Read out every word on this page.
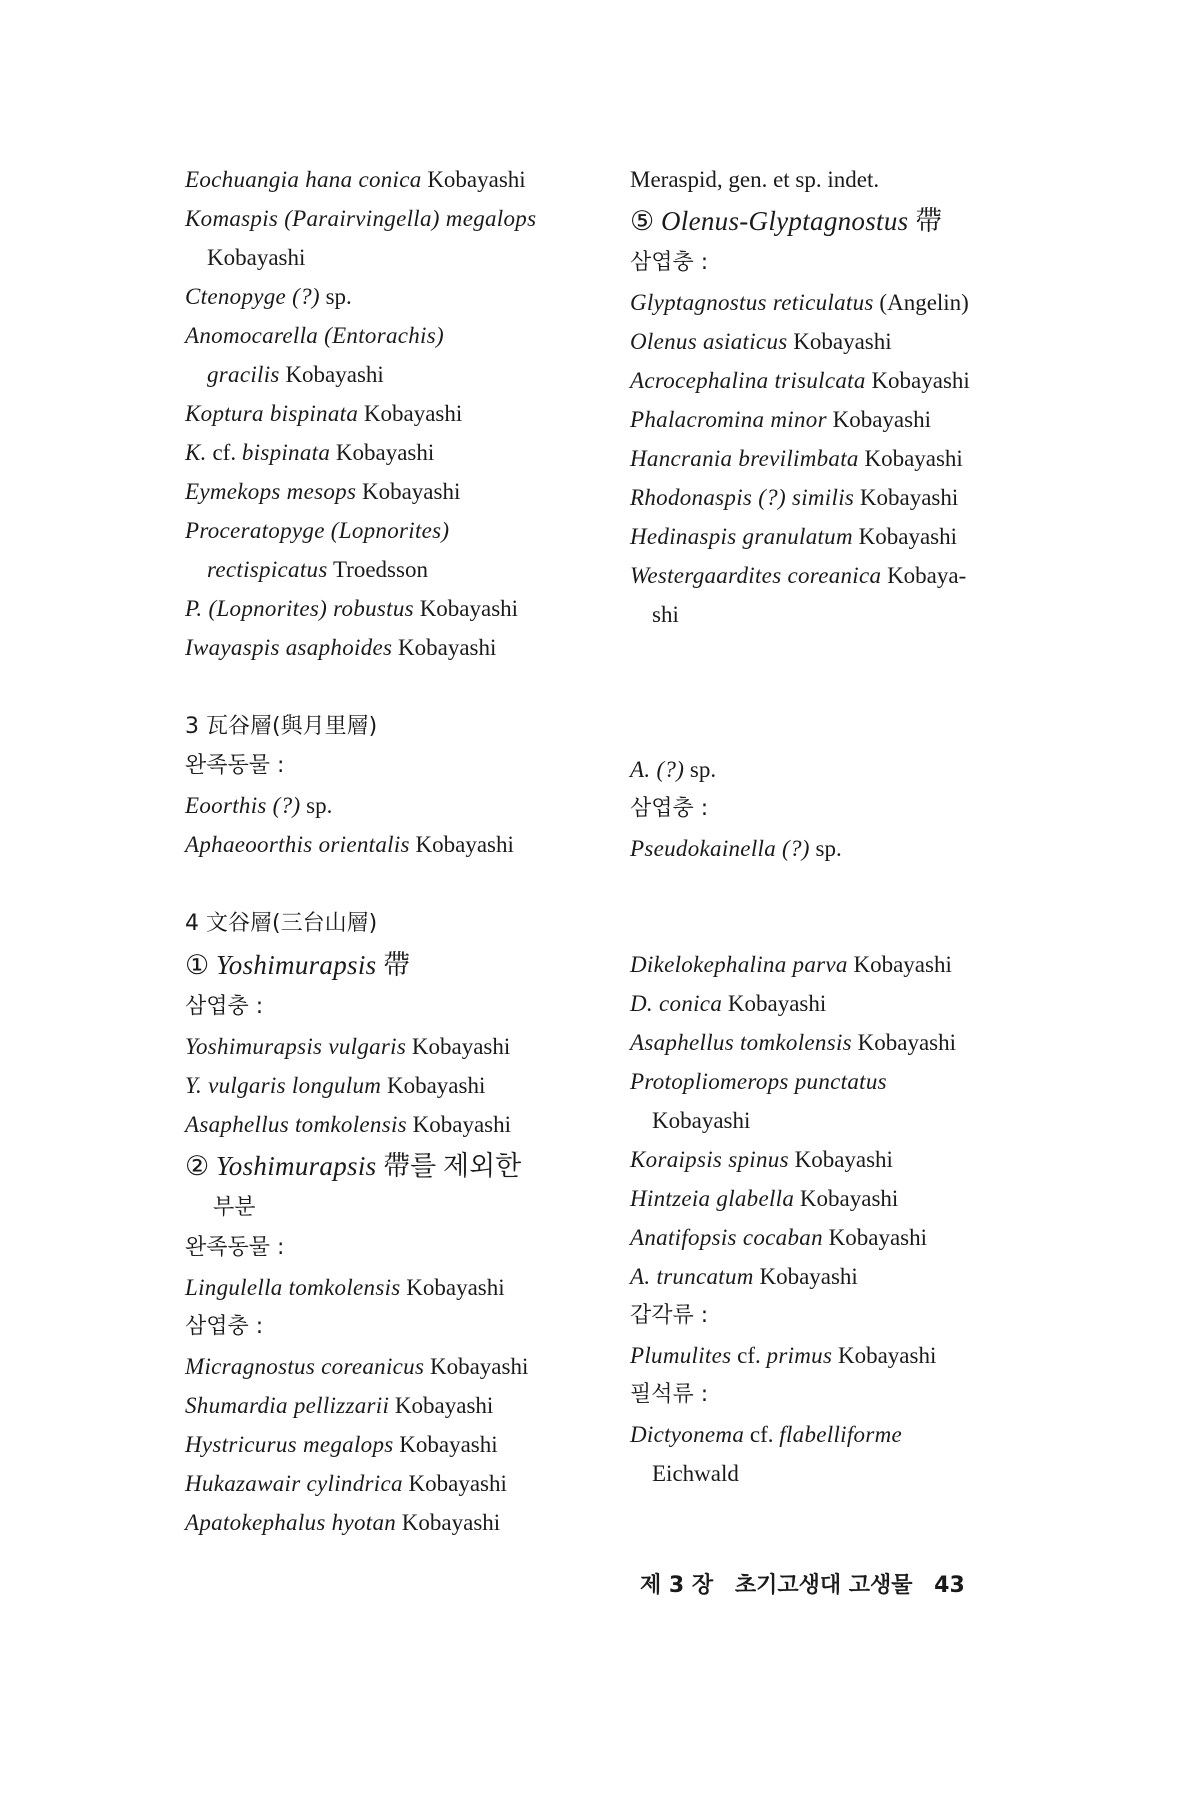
Eochuangia hana conica Kobayashi
Komaspis (Parairvingella) megalops
Kobayashi
Ctenopyge (?) sp.
Anomocarella (Entorachis)
gracilis Kobayashi
Koptura bispinata Kobayashi
K. cf. bispinata Kobayashi
Eymekops mesops Kobayashi
Proceratopyge (Lopnorites)
rectispicatus Troedsson
P. (Lopnorites) robustus Kobayashi
Iwayaspis asaphoides Kobayashi
Meraspid, gen. et sp. indet.
⑤ Olenus-Glyptagnostus 帶
삼엽충 :
Glyptagnostus reticulatus (Angelin)
Olenus asiaticus Kobayashi
Acrocephalina trisulcata Kobayashi
Phalacromina minor Kobayashi
Hancrania brevilimbata Kobayashi
Rhodonaspis (?) similis Kobayashi
Hedinaspis granulatum Kobayashi
Westergaardites coreanica Kobaya-
shi
3 瓦谷層(與月里層)
완족동물 :
Eoorthis (?) sp.
Aphaeoorthis orientalis Kobayashi
A. (?) sp.
삼엽충 :
Pseudokainella (?) sp.
4 文谷層(三台山層)
① Yoshimurapsis 帶
삼엽충 :
Yoshimurapsis vulgaris Kobayashi
Y. vulgaris longulum Kobayashi
Asaphellus tomkolensis Kobayashi
② Yoshimurapsis 帶를 제외한
부분
완족동물 :
Lingulella tomkolensis Kobayashi
삼엽충 :
Micragnostus coreanicus Kobayashi
Shumardia pellizzarii Kobayashi
Hystricurus megalops Kobayashi
Hukazawair cylindrica Kobayashi
Apatokephalus hyotan Kobayashi
Dikelokephalina parva Kobayashi
D. conica Kobayashi
Asaphellus tomkolensis Kobayashi
Protopliomerops punctatus
Kobayashi
Koraipsis spinus Kobayashi
Hintzeia glabella Kobayashi
Anatifopsis cocaban Kobayashi
A. truncatum Kobayashi
갑각류 :
Plumulites cf. primus Kobayashi
필석류 :
Dictyonema cf. flabelliforme
Eichwald
제 3 장 초기고생대 고생물 43
